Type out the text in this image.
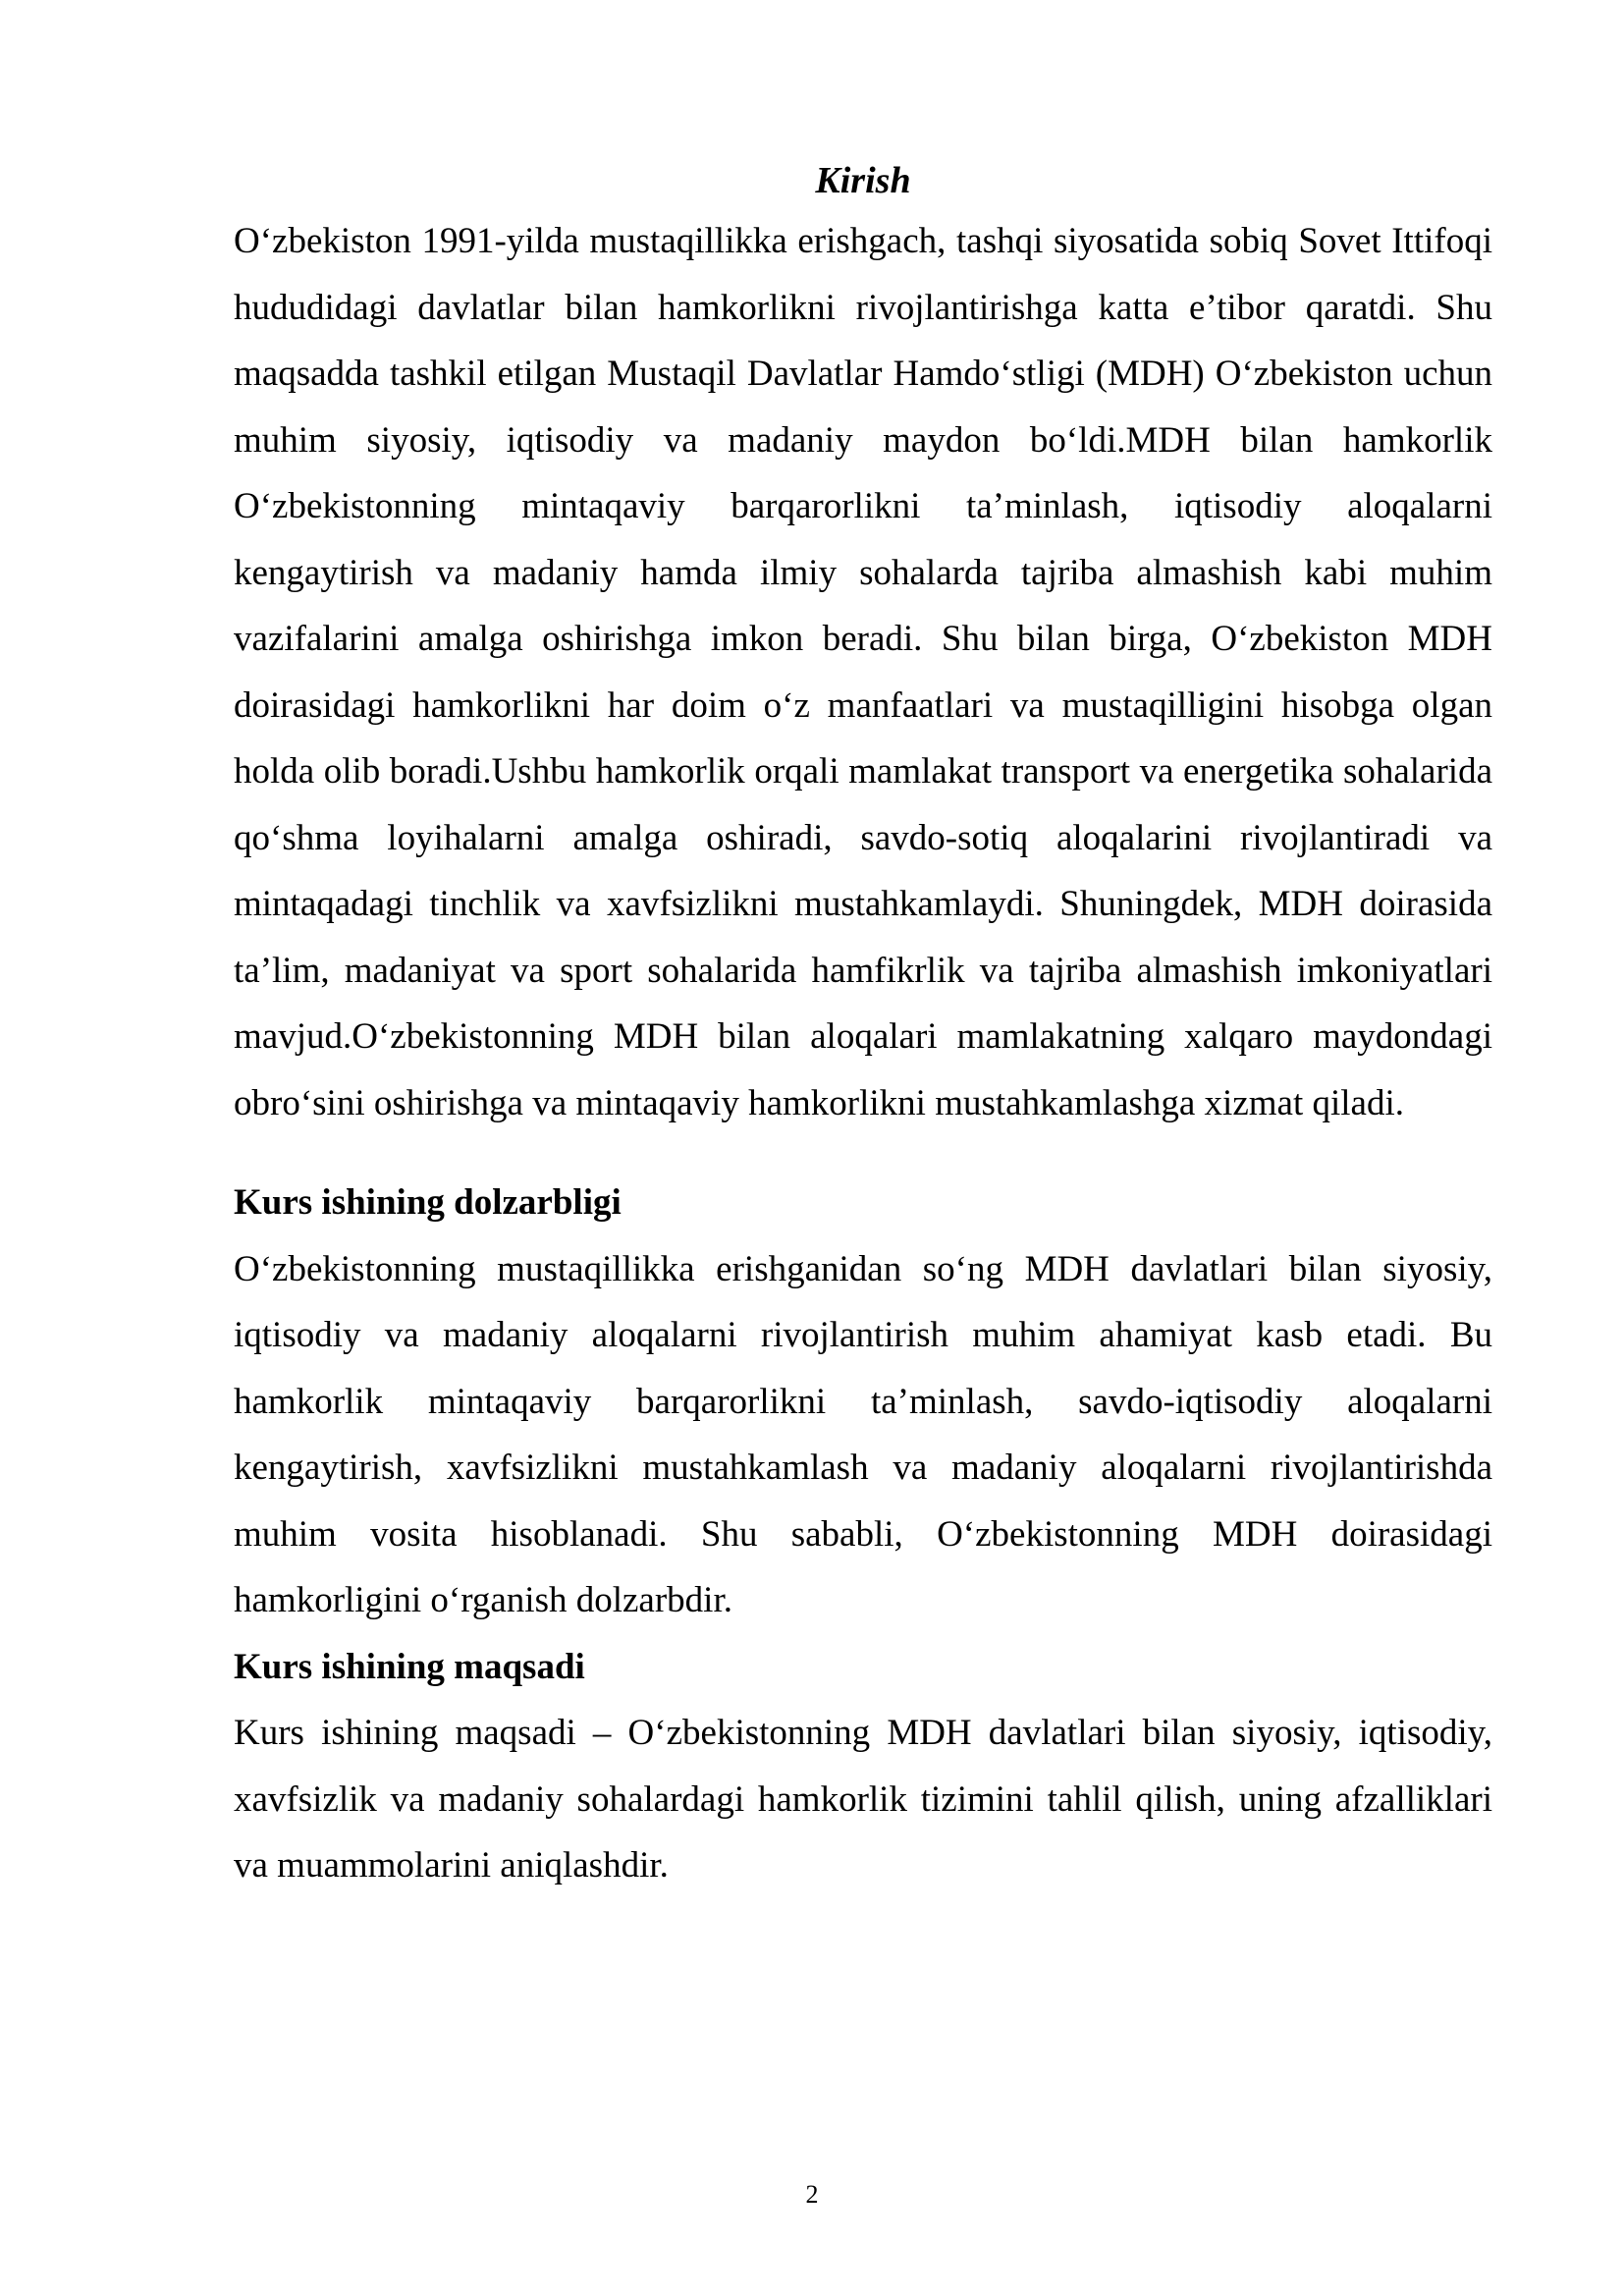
Kirish

O‘zbekiston 1991-yilda mustaqillikka erishgach, tashqi siyosatida sobiq Sovet Ittifoqi hududidagi davlatlar bilan hamkorlikni rivojlantirishga katta e’tibor qaratdi. Shu maqsadda tashkil etilgan Mustaqil Davlatlar Hamdo‘stligi (MDH) O‘zbekiston uchun muhim siyosiy, iqtisodiy va madaniy maydon bo‘ldi.MDH bilan hamkorlik O‘zbekistonning mintaqaviy barqarorlikni ta’minlash, iqtisodiy aloqalarni kengaytirish va madaniy hamda ilmiy sohalarda tajriba almashish kabi muhim vazifalarini amalga oshirishga imkon beradi. Shu bilan birga, O‘zbekiston MDH doirasidagi hamkorlikni har doim o‘z manfaatlari va mustaqilligini hisobga olgan holda olib boradi.Ushbu hamkorlik orqali mamlakat transport va energetika sohalarida qo‘shma loyihalarni amalga oshiradi, savdo-sotiq aloqalarini rivojlantiradi va mintaqadagi tinchlik va xavfsizlikni mustahkamlaydi. Shuningdek, MDH doirasida ta’lim, madaniyat va sport sohalarida hamfikrlik va tajriba almashish imkoniyatlari mavjud.O‘zbekistonning MDH bilan aloqalari mamlakatning xalqaro maydondagi obro‘sini oshirishga va mintaqaviy hamkorlikni mustahkamlashga xizmat qiladi.

Kurs ishining dolzarbligi

O‘zbekistonning mustaqillikka erishganidan so‘ng MDH davlatlari bilan siyosiy, iqtisodiy va madaniy aloqalarni rivojlantirish muhim ahamiyat kasb etadi. Bu hamkorlik mintaqaviy barqarorlikni ta’minlash, savdo-iqtisodiy aloqalarni kengaytirish, xavfsizlikni mustahkamlash va madaniy aloqalarni rivojlantirishda muhim vosita hisoblanadi. Shu sababli, O‘zbekistonning MDH doirasidagi hamkorligini o‘rganish dolzarbdir.

Kurs ishining maqsadi

Kurs ishining maqsadi – O‘zbekistonning MDH davlatlari bilan siyosiy, iqtisodiy, xavfsizlik va madaniy sohalardagi hamkorlik tizimini tahlil qilish, uning afzalliklari va muammolarini aniqlashdir.

2
